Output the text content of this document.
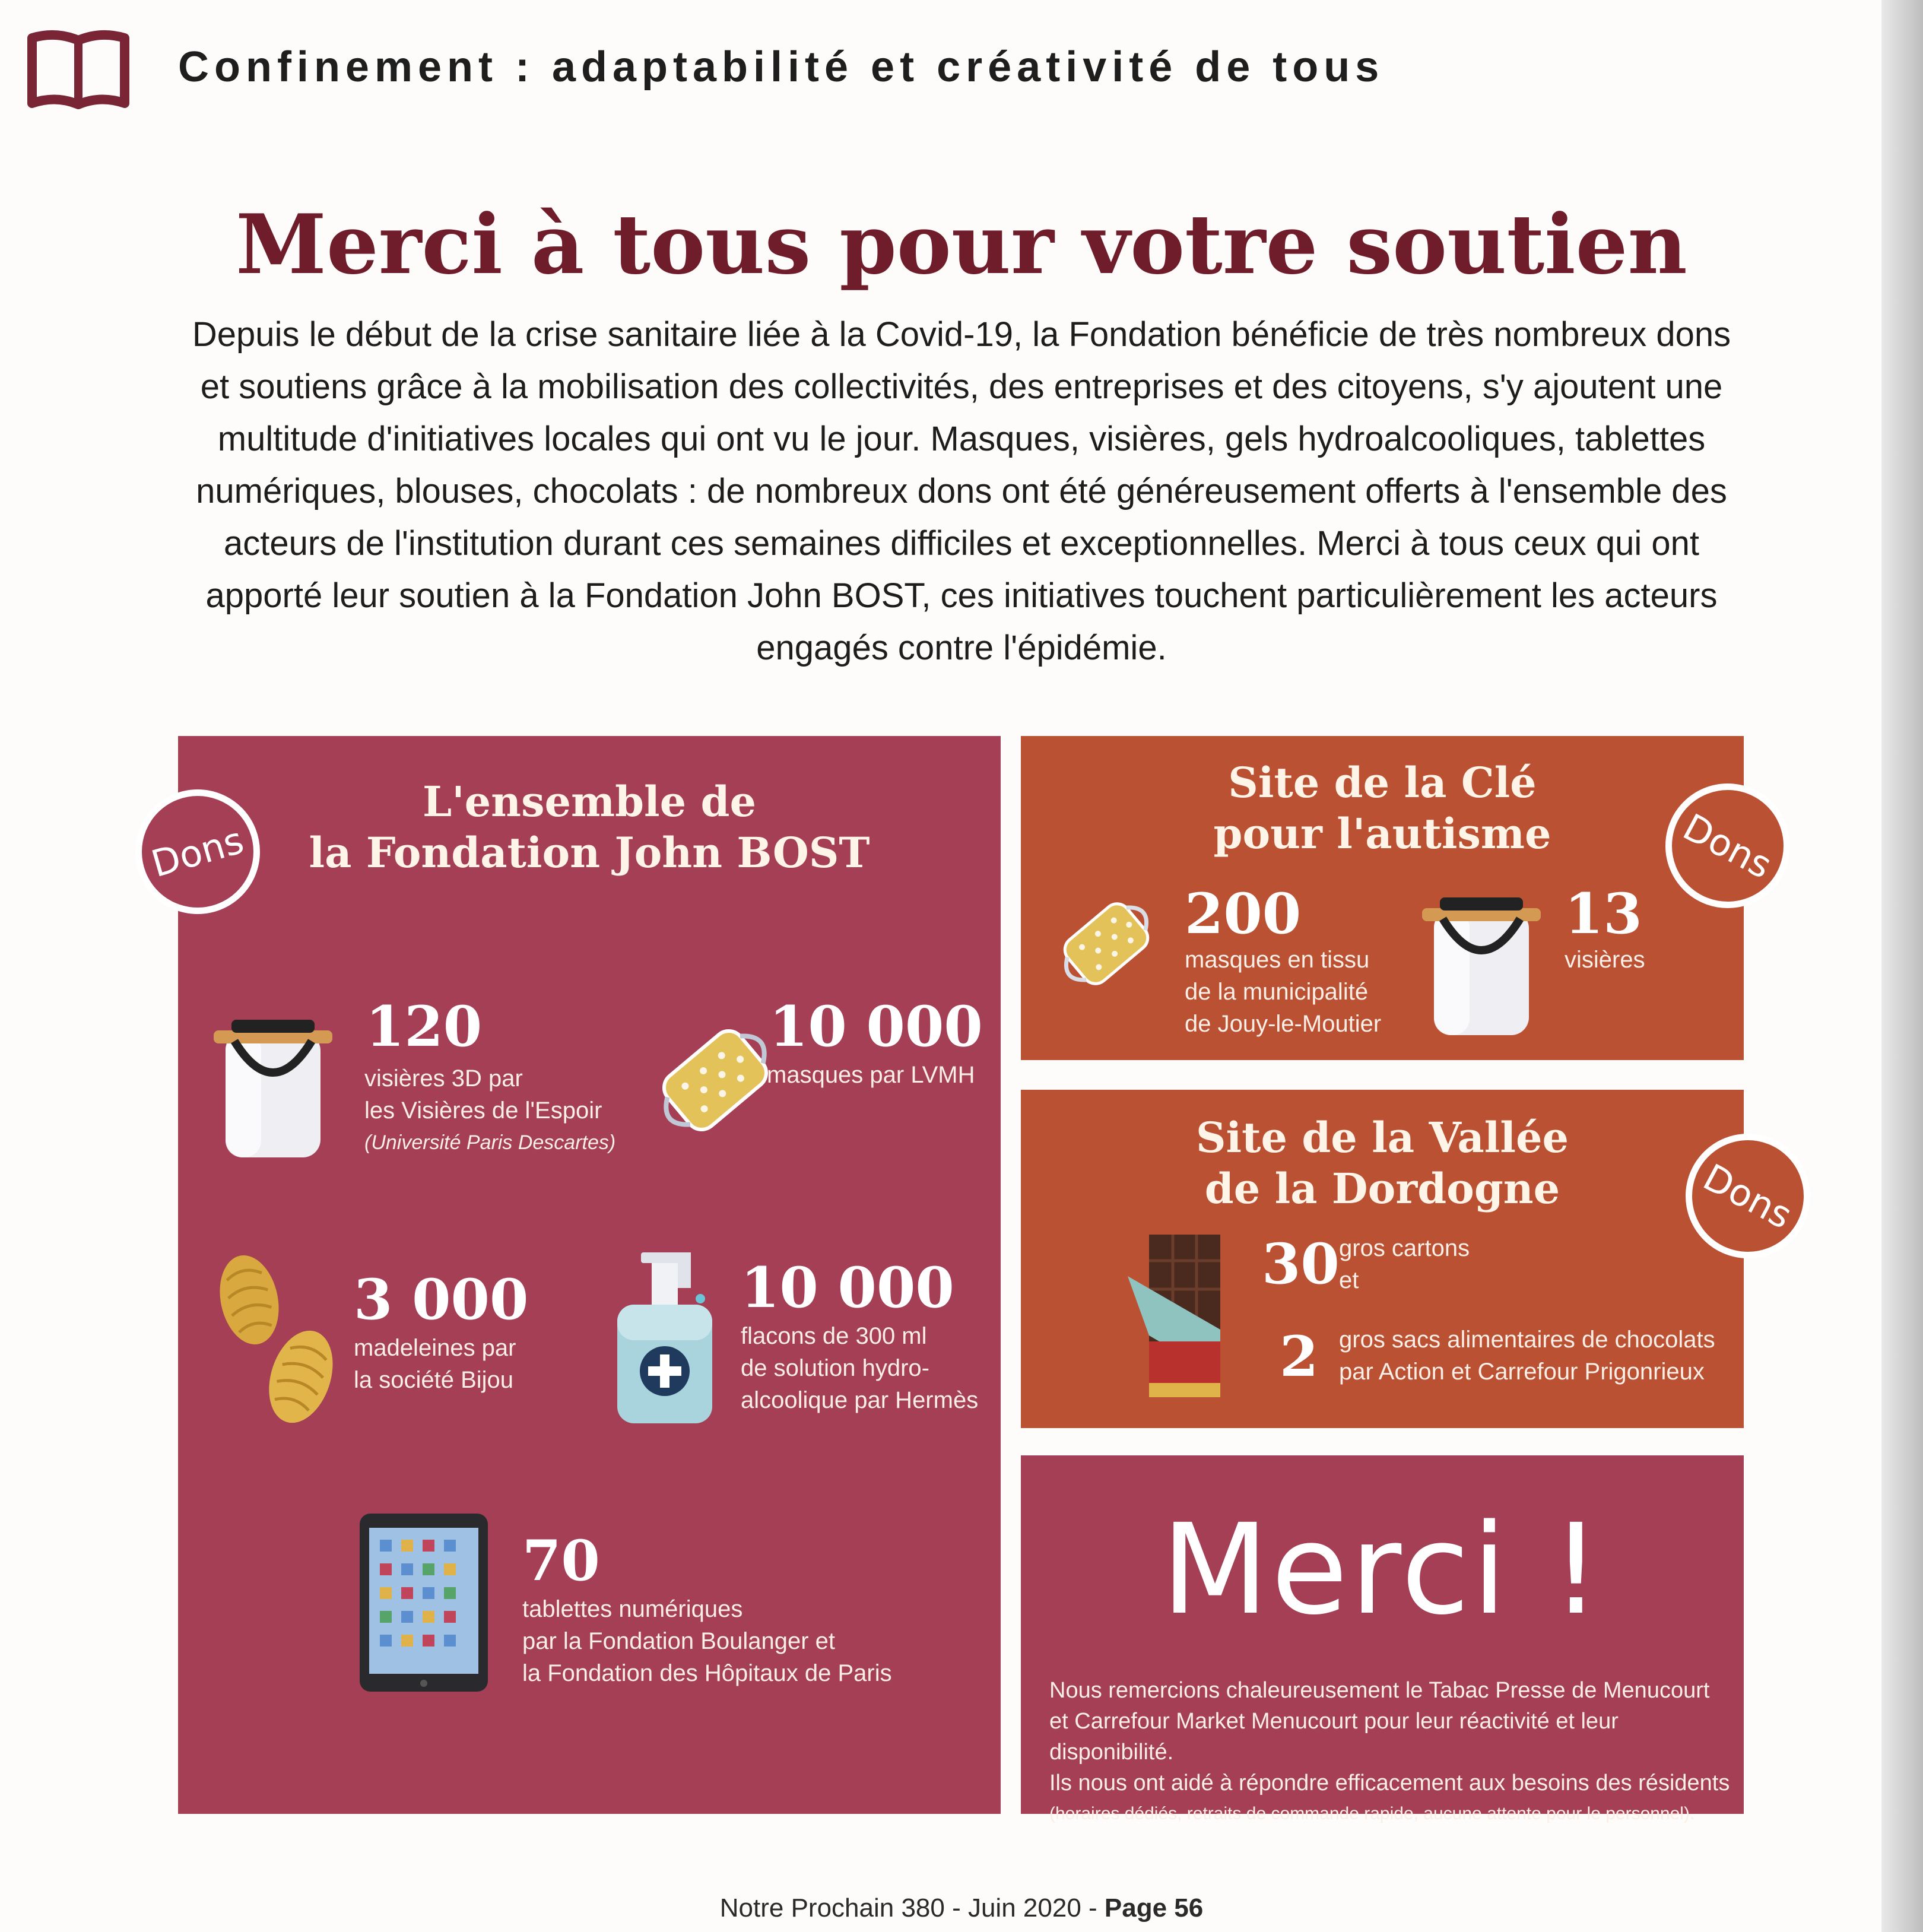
Confinement : adaptabilité et créativité de tous
Merci à tous pour votre soutien
Depuis le début de la crise sanitaire liée à la Covid-19, la Fondation bénéficie de très nombreux dons et soutiens grâce à la mobilisation des collectivités, des entreprises et des citoyens, s'y ajoutent une multitude d'initiatives locales qui ont vu le jour. Masques, visières, gels hydroalcooliques, tablettes numériques, blouses, chocolats : de nombreux dons ont été généreusement offerts à l'ensemble des acteurs de l'institution durant ces semaines difficiles et exceptionnelles. Merci à tous ceux qui ont apporté leur soutien à la Fondation John BOST, ces initiatives touchent particulièrement les acteurs engagés contre l'épidémie.
L'ensemble de
la Fondation John BOST
120
visières 3D par
les Visières de l'Espoir
(Université Paris Descartes)
10 000
masques par LVMH
3 000
madeleines par
la société Bijou
10 000
flacons de 300 ml
de solution hydro-
alcoolique par Hermès
70
tablettes numériques
par la Fondation Boulanger et
la Fondation des Hôpitaux de Paris
Site de la Clé
pour l'autisme
200
masques en tissu
de la municipalité
de Jouy-le-Moutier
13
visières
Site de la Vallée
de la Dordogne
30 gros cartons
et
2 gros sacs alimentaires de chocolats
par Action et Carrefour Prigonrieux
Merci !
Nous remercions chaleureusement le Tabac Presse de Menucourt
et Carrefour Market Menucourt pour leur réactivité et leur disponibilité.
Ils nous ont aidé à répondre efficacement aux besoins des résidents
(horaires dédiés, retraits de commande rapide, aucune attente pour le personnel).
Dons	Dons
Dons
Notre Prochain 380 - Juin 2020 - Page 56
